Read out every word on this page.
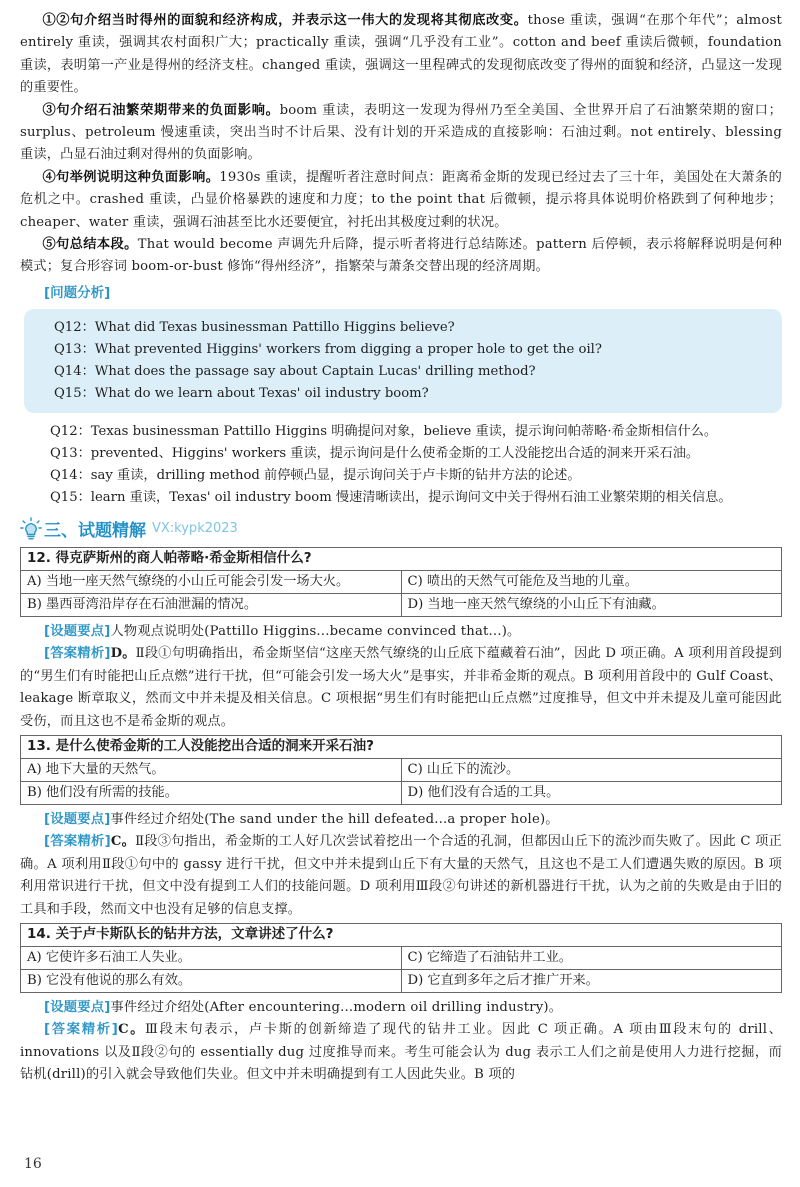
①②句介绍当时得州的面貌和经济构成，并表示这一伟大的发现将其彻底改变。those 重读，强调“在那个年代”；almost entirely 重读，强调其农村面积广大；practically 重读，强调“几乎没有工业”。cotton and beef 重读后微顿，foundation 重读，表明第一产业是得州的经济支柱。changed 重读，强调这一里程碑式的发现彻底改变了得州的面貌和经济，凸显这一发现的重要性。

③句介绍石油繁荣期带来的负面影响。boom 重读，表明这一发现为得州乃至全美国、全世界开启了石油繁荣期的窗口；surplus、petroleum 慢速重读，突出当时不计后果、没有计划的开采造成的直接影响：石油过剩。not entirely、blessing 重读，凸显石油过剩对得州的负面影响。

④句举例说明这种负面影响。1930s 重读，提醒听者注意时间点：距离希金斯的发现已经过去了三十年，美国处在大萧条的危机之中。crashed 重读，凸显价格暴跌的速度和力度；to the point that 后微顿，提示将具体说明价格跌到了何种地步；cheaper、water 重读，强调石油甚至比水还要便宜，衬托出其极度过剩的状况。

⑤句总结本段。That would become 声调先升后降，提示听者将进行总结陈述。pattern 后停顿，表示将解释说明是何种模式；复合形容词 boom-or-bust 修饰“得州经济”，指繁荣与萧条交替出现的经济周期。

[问题分析]

Q12：What did Texas businessman Pattillo Higgins believe?

Q13：What prevented Higgins' workers from digging a proper hole to get the oil?

Q14：What does the passage say about Captain Lucas' drilling method?

Q15：What do we learn about Texas' oil industry boom?

Q12：Texas businessman Pattillo Higgins 明确提问对象，believe 重读，提示询问帕蒂略·希金斯相信什么。

Q13：prevented、Higgins' workers 重读，提示询问是什么使希金斯的工人没能挖出合适的洞来开采石油。

Q14：say 重读，drilling method 前停顿凸显，提示询问关于卢卡斯的钻井方法的论述。

Q15：learn 重读，Texas' oil industry boom 慢速清晰读出，提示询问文中关于得州石油工业繁荣期的相关信息。

三、试题精解 VX:kypk2023
12. 得克萨斯州的商人帕蒂略·希金斯相信什么?	
A) 当地一座天然气缭绕的小山丘可能会引发一场大火。	C) 喷出的天然气可能危及当地的儿童。
B) 墨西哥湾沿岸存在石油泄漏的情况。	D) 当地一座天然气缭绕的小山丘下有油藏。

[设题要点]人物观点说明处(Pattillo Higgins...became convinced that...)。

[答案精析]D。Ⅱ段①句明确指出，希金斯坚信“这座天然气缭绕的山丘底下蕴藏着石油”，因此 D 项正确。A 项利用首段提到的“男生们有时能把山丘点燃”进行干扰，但“可能会引发一场大火”是事实，并非希金斯的观点。B 项利用首段中的 Gulf Coast、leakage 断章取义，然而文中并未提及相关信息。C 项根据“男生们有时能把山丘点燃”过度推导，但文中并未提及儿童可能因此受伤，而且这也不是希金斯的观点。

13. 是什么使希金斯的工人没能挖出合适的洞来开采石油?	
A) 地下大量的天然气。	C) 山丘下的流沙。
B) 他们没有所需的技能。	D) 他们没有合适的工具。

[设题要点]事件经过介绍处(The sand under the hill defeated...a proper hole)。

[答案精析]C。Ⅱ段③句指出，希金斯的工人好几次尝试着挖出一个合适的孔洞，但都因山丘下的流沙而失败了。因此 C 项正确。A 项利用Ⅱ段①句中的 gassy 进行干扰，但文中并未提到山丘下有大量的天然气，且这也不是工人们遭遇失败的原因。B 项利用常识进行干扰，但文中没有提到工人们的技能问题。D 项利用Ⅲ段②句讲述的新机器进行干扰，认为之前的失败是由于旧的工具和手段，然而文中也没有足够的信息支撑。

14. 关于卢卡斯队长的钻井方法，文章讲述了什么?	
A) 它使许多石油工人失业。	C) 它缔造了石油钻井工业。
B) 它没有他说的那么有效。	D) 它直到多年之后才推广开来。

[设题要点]事件经过介绍处(After encountering...modern oil drilling industry)。

[答案精析]C。Ⅲ段末句表示，卢卡斯的创新缔造了现代的钻井工业。因此 C 项正确。A 项由Ⅲ段末句的 drill、innovations 以及Ⅱ段②句的 essentially dug 过度推导而来。考生可能会认为 dug 表示工人们之前是使用人力进行挖掘，而钻机(drill)的引入就会导致他们失业。但文中并未明确提到有工人因此失业。B 项的

16
